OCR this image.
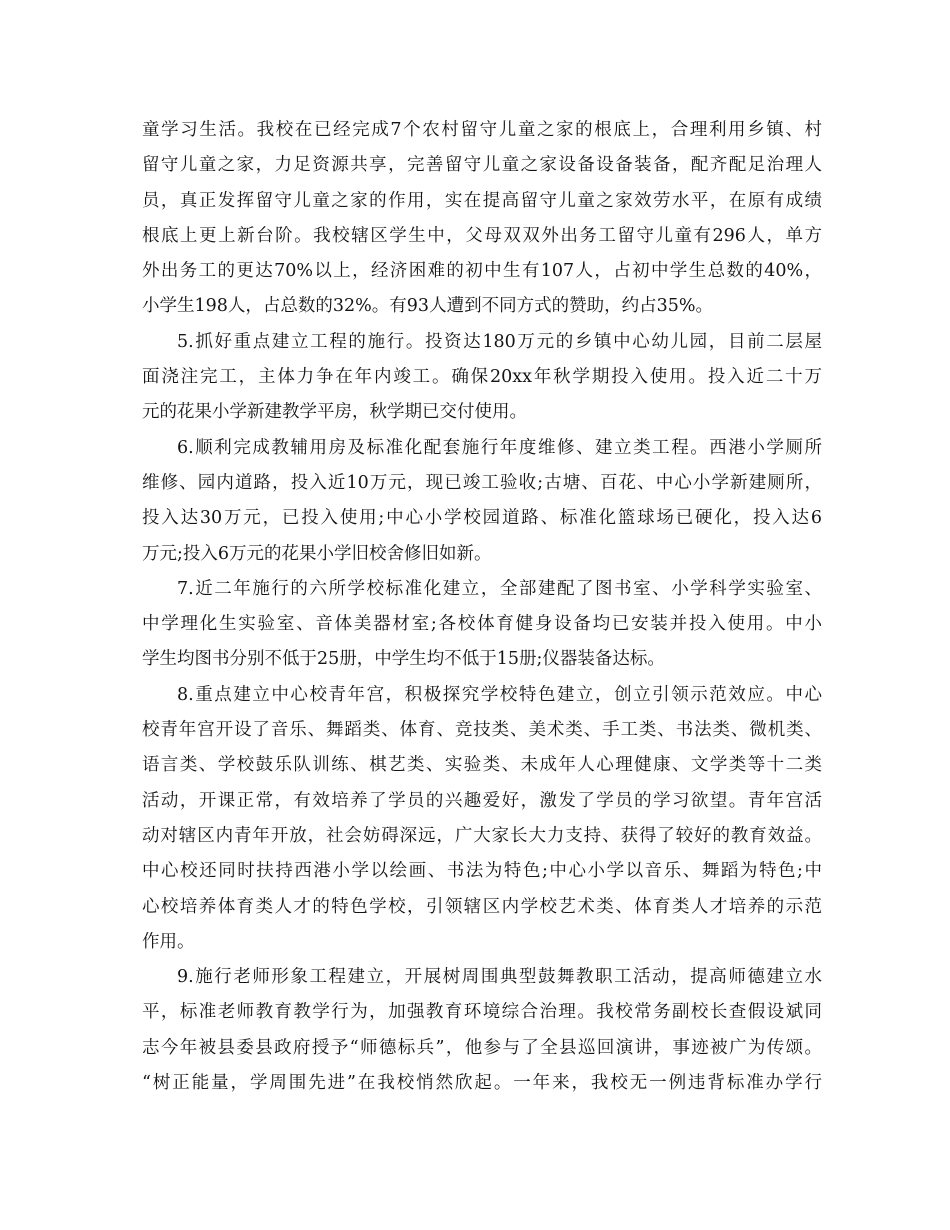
童学习生活。我校在已经完成7个农村留守儿童之家的根底上，合理利用乡镇、村
留守儿童之家，力足资源共享，完善留守儿童之家设备设备装备，配齐配足治理人
员，真正发挥留守儿童之家的作用，实在提高留守儿童之家效劳水平，在原有成绩
根底上更上新台阶。我校辖区学生中，父母双双外出务工留守儿童有296人，单方
外出务工的更达70%以上，经济困难的初中生有107人，占初中学生总数的40%，
小学生198人，占总数的32%。有93人遭到不同方式的赞助，约占35%。
5.抓好重点建立工程的施行。投资达180万元的乡镇中心幼儿园，目前二层屋
面浇注完工，主体力争在年内竣工。确保20xx年秋学期投入使用。投入近二十万
元的花果小学新建教学平房，秋学期已交付使用。
6.顺利完成教辅用房及标准化配套施行年度维修、建立类工程。西港小学厕所
维修、园内道路，投入近10万元，现已竣工验收;古塘、百花、中心小学新建厕所，
投入达30万元，已投入使用;中心小学校园道路、标准化篮球场已硬化，投入达6
万元;投入6万元的花果小学旧校舍修旧如新。
7.近二年施行的六所学校标准化建立，全部建配了图书室、小学科学实验室、
中学理化生实验室、音体美器材室;各校体育健身设备均已安装并投入使用。中小
学生均图书分别不低于25册，中学生均不低于15册;仪器装备达标。
8.重点建立中心校青年宫，积极探究学校特色建立，创立引领示范效应。中心
校青年宫开设了音乐、舞蹈类、体育、竞技类、美术类、手工类、书法类、微机类、
语言类、学校鼓乐队训练、棋艺类、实验类、未成年人心理健康、文学类等十二类
活动，开课正常，有效培养了学员的兴趣爱好，激发了学员的学习欲望。青年宫活
动对辖区内青年开放，社会妨碍深远，广大家长大力支持、获得了较好的教育效益。
中心校还同时扶持西港小学以绘画、书法为特色;中心小学以音乐、舞蹈为特色;中
心校培养体育类人才的特色学校，引领辖区内学校艺术类、体育类人才培养的示范
作用。
9.施行老师形象工程建立，开展树周围典型鼓舞教职工活动，提高师德建立水
平，标准老师教育教学行为，加强教育环境综合治理。我校常务副校长查假设斌同
志今年被县委县政府授予“师德标兵”，他参与了全县巡回演讲，事迹被广为传颂。
“树正能量，学周围先进”在我校悄然欣起。一年来，我校无一例违背标准办学行
